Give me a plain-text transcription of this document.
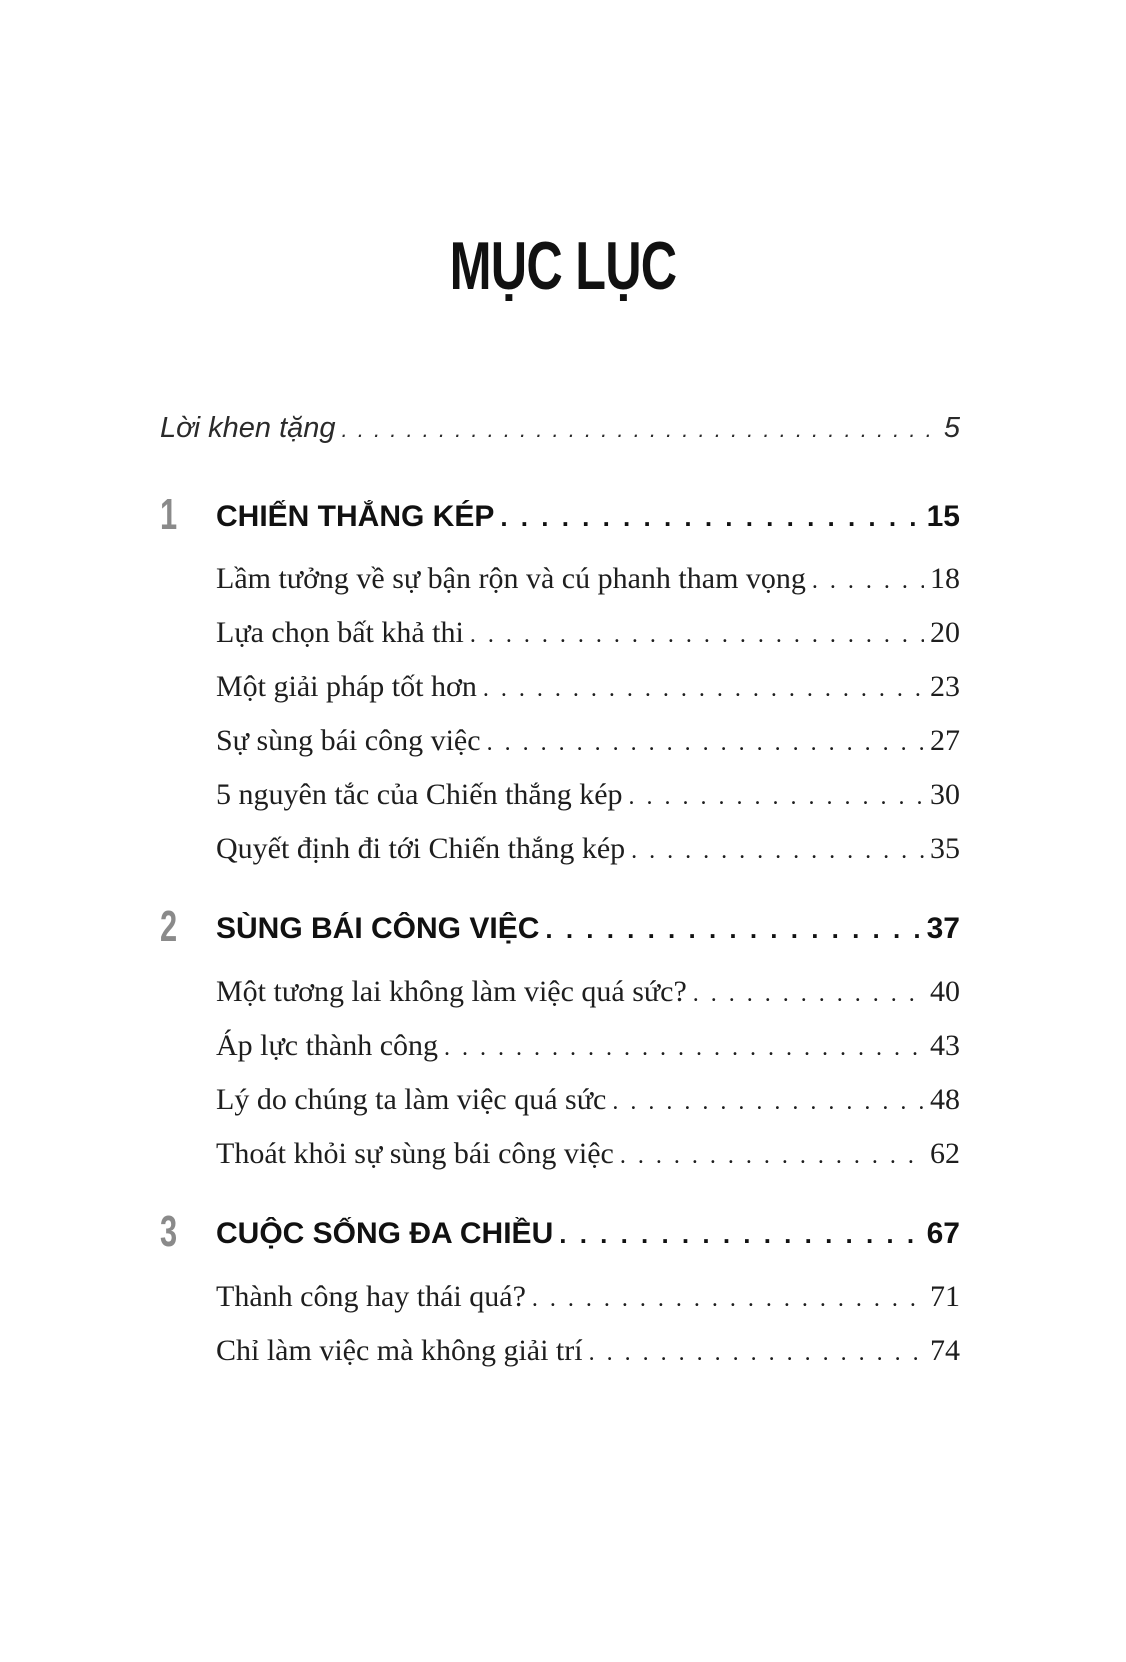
MỤC LỤC
Lời khen tặng . . .	5
1 CHIẾN THẮNG KÉP . . .	15
Lầm tưởng về sự bận rộn và cú phanh tham vọng . . .	18
Lựa chọn bất khả thi . . .	20
Một giải pháp tốt hơn . . .	23
Sự sùng bái công việc . . .	27
5 nguyên tắc của Chiến thắng kép . . .	30
Quyết định đi tới Chiến thắng kép . . .	35
2 SÙNG BÁI CÔNG VIỆC . . .	37
Một tương lai không làm việc quá sức? . . .	40
Áp lực thành công . . .	43
Lý do chúng ta làm việc quá sức . . .	48
Thoát khỏi sự sùng bái công việc . . .	62
3 CUỘC SỐNG ĐA CHIỀU . . .	67
Thành công hay thái quá? . . .	71
Chỉ làm việc mà không giải trí . . .	74
